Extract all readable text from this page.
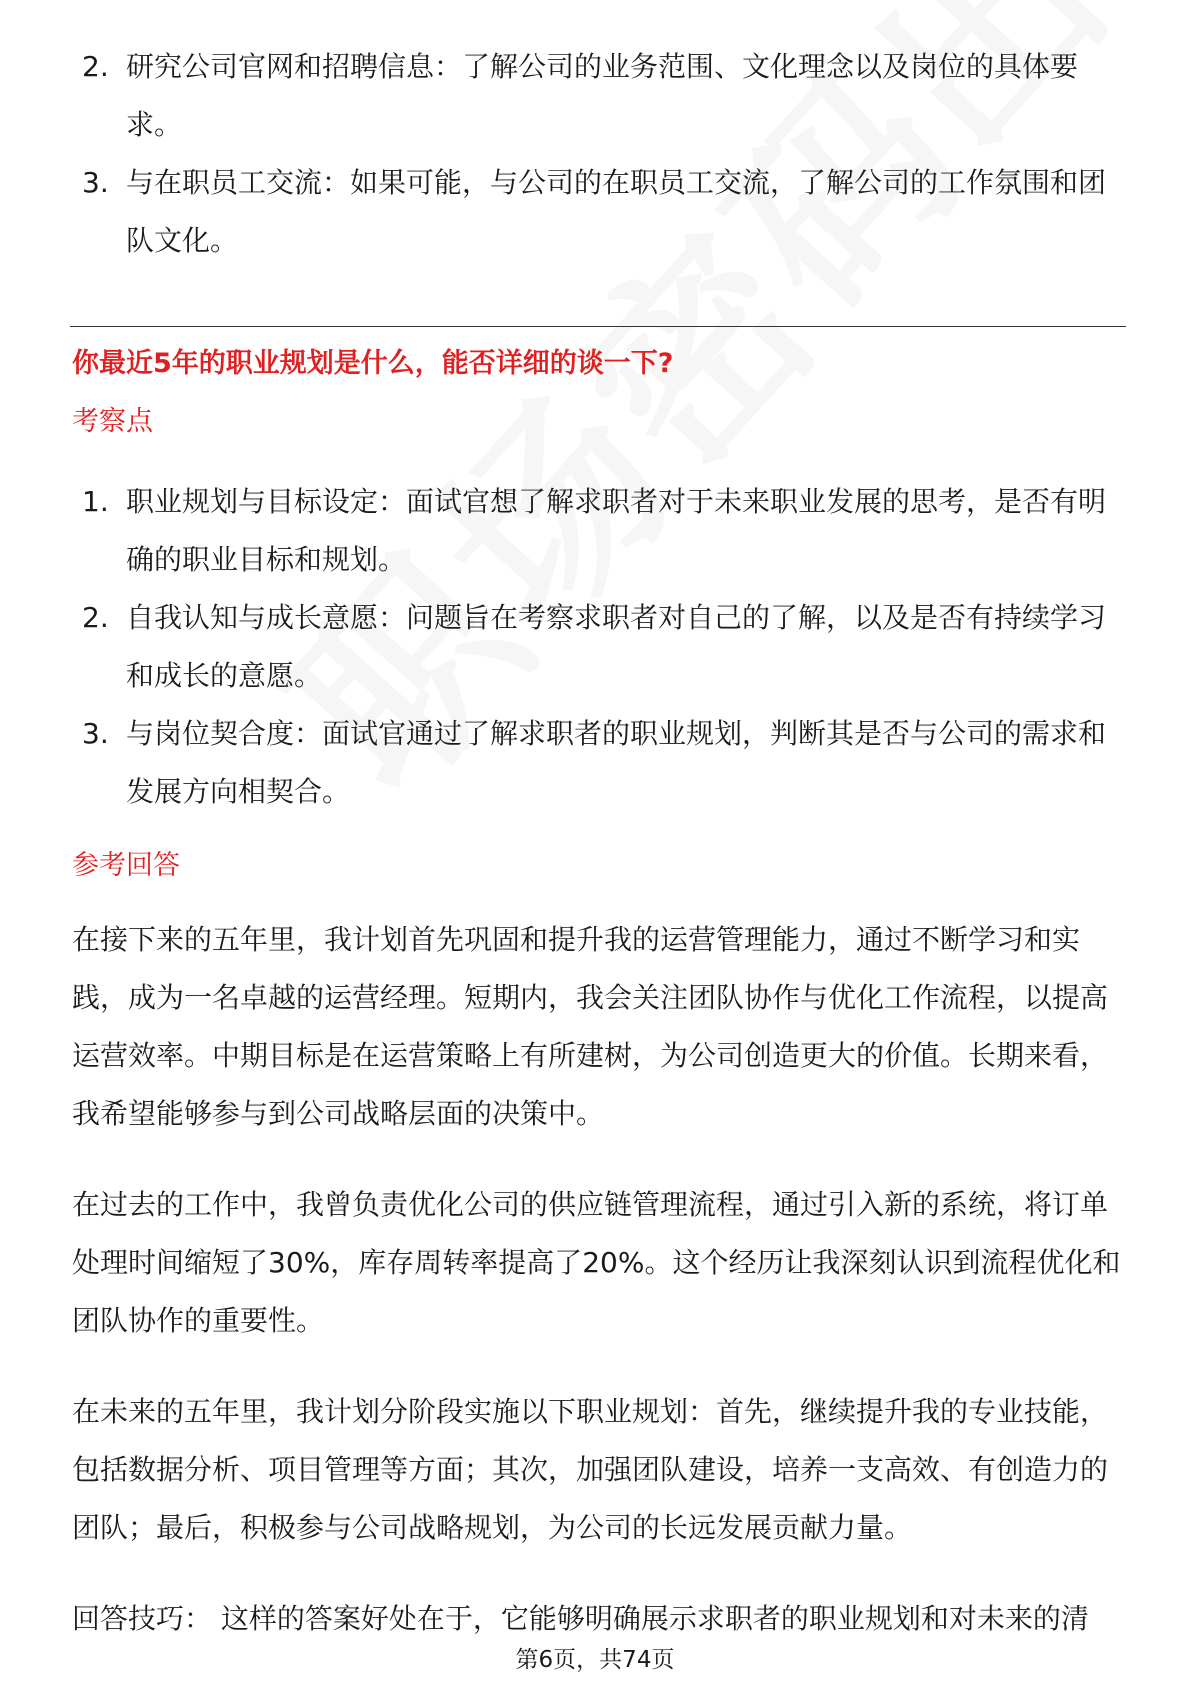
2. 研究公司官网和招聘信息：了解公司的业务范围、文化理念以及岗位的具体要求。
3. 与在职员工交流：如果可能，与公司的在职员工交流，了解公司的工作氛围和团队文化。
你最近5年的职业规划是什么，能否详细的谈一下?
考察点
1. 职业规划与目标设定：面试官想了解求职者对于未来职业发展的思考，是否有明确的职业目标和规划。
2. 自我认知与成长意愿：问题旨在考察求职者对自己的了解，以及是否有持续学习和成长的意愿。
3. 与岗位契合度：面试官通过了解求职者的职业规划，判断其是否与公司的需求和发展方向相契合。
参考回答

在接下来的五年里，我计划首先巩固和提升我的运营管理能力，通过不断学习和实践，成为一名卓越的运营经理。短期内，我会关注团队协作与优化工作流程，以提高运营效率。中期目标是在运营策略上有所建树，为公司创造更大的价值。长期来看，我希望能够参与到公司战略层面的决策中。

在过去的工作中，我曾负责优化公司的供应链管理流程，通过引入新的系统，将订单处理时间缩短了30%，库存周转率提高了20%。这个经历让我深刻认识到流程优化和团队协作的重要性。

在未来的五年里，我计划分阶段实施以下职业规划：首先，继续提升我的专业技能，包括数据分析、项目管理等方面；其次，加强团队建设，培养一支高效、有创造力的团队；最后，积极参与公司战略规划，为公司的长远发展贡献力量。

回答技巧： 这样的答案好处在于，它能够明确展示求职者的职业规划和对未来的清

第6页，共74页
